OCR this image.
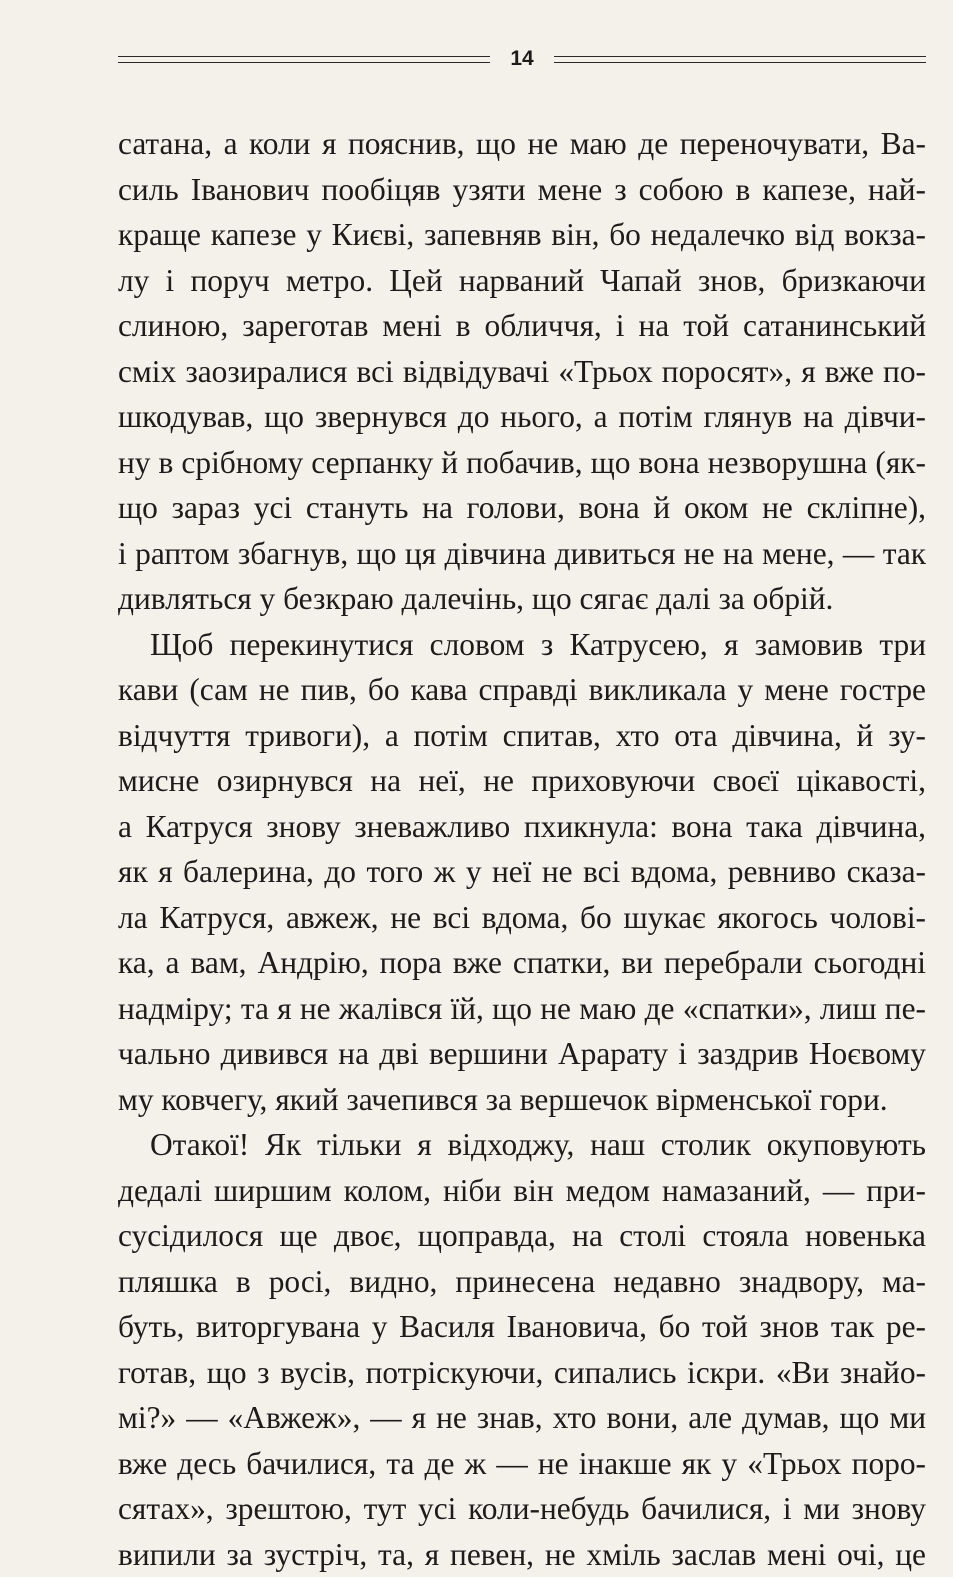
14
сатана, а коли я пояснив, що не маю де переночувати, Ва-
силь Іванович пообіцяв узяти мене з собою в капезе, най-
краще капезе у Києві, запевняв він, бо недалечко від вокза-
лу і поруч метро. Цей нарваний Чапай знов, бризкаючи
слиною, зареготав мені в обличчя, і на той сатанинський
сміх заозиралися всі відвідувачі «Трьох поросят», я вже по-
шкодував, що звернувся до нього, а потім глянув на дівчи-
ну в срібному серпанку й побачив, що вона незворушна (як-
що зараз усі стануть на голови, вона й оком не скліпне),
і раптом збагнув, що ця дівчина дивиться не на мене, — так
дивляться у безкраю далечінь, що сягає далі за обрій.
Щоб перекинутися словом з Катрусею, я замовив три
кави (сам не пив, бо кава справді викликала у мене гостре
відчуття тривоги), а потім спитав, хто ота дівчина, й зу-
мисне озирнувся на неї, не приховуючи своєї цікавості,
а Катруся знову зневажливо пхикнула: вона така дівчина,
як я балерина, до того ж у неї не всі вдома, ревниво сказа-
ла Катруся, авжеж, не всі вдома, бо шукає якогось чолові-
ка, а вам, Андрію, пора вже спатки, ви перебрали сьогодні
надміру; та я не жалівся їй, що не маю де «спатки», лиш пе-
чально дивився на дві вершини Арарату і заздрив Ноєвому
му ковчегу, який зачепився за вершечок вірменської гори.
Отакої! Як тільки я відходжу, наш столик окуповують
дедалі ширшим колом, ніби він медом намазаний, — при-
сусідилося ще двоє, щоправда, на столі стояла новенька
пляшка в росі, видно, принесена недавно знадвору, ма-
буть, виторгувана у Василя Івановича, бо той знов так ре-
готав, що з вусів, потріскуючи, сипались іскри. «Ви знайо-
мі?» — «Авжеж», — я не знав, хто вони, але думав, що ми
вже десь бачилися, та де ж — не інакше як у «Трьох поро-
сятах», зрештою, тут усі коли-небудь бачилися, і ми знову
випили за зустріч, та, я певен, не хміль заслав мені очі, це
